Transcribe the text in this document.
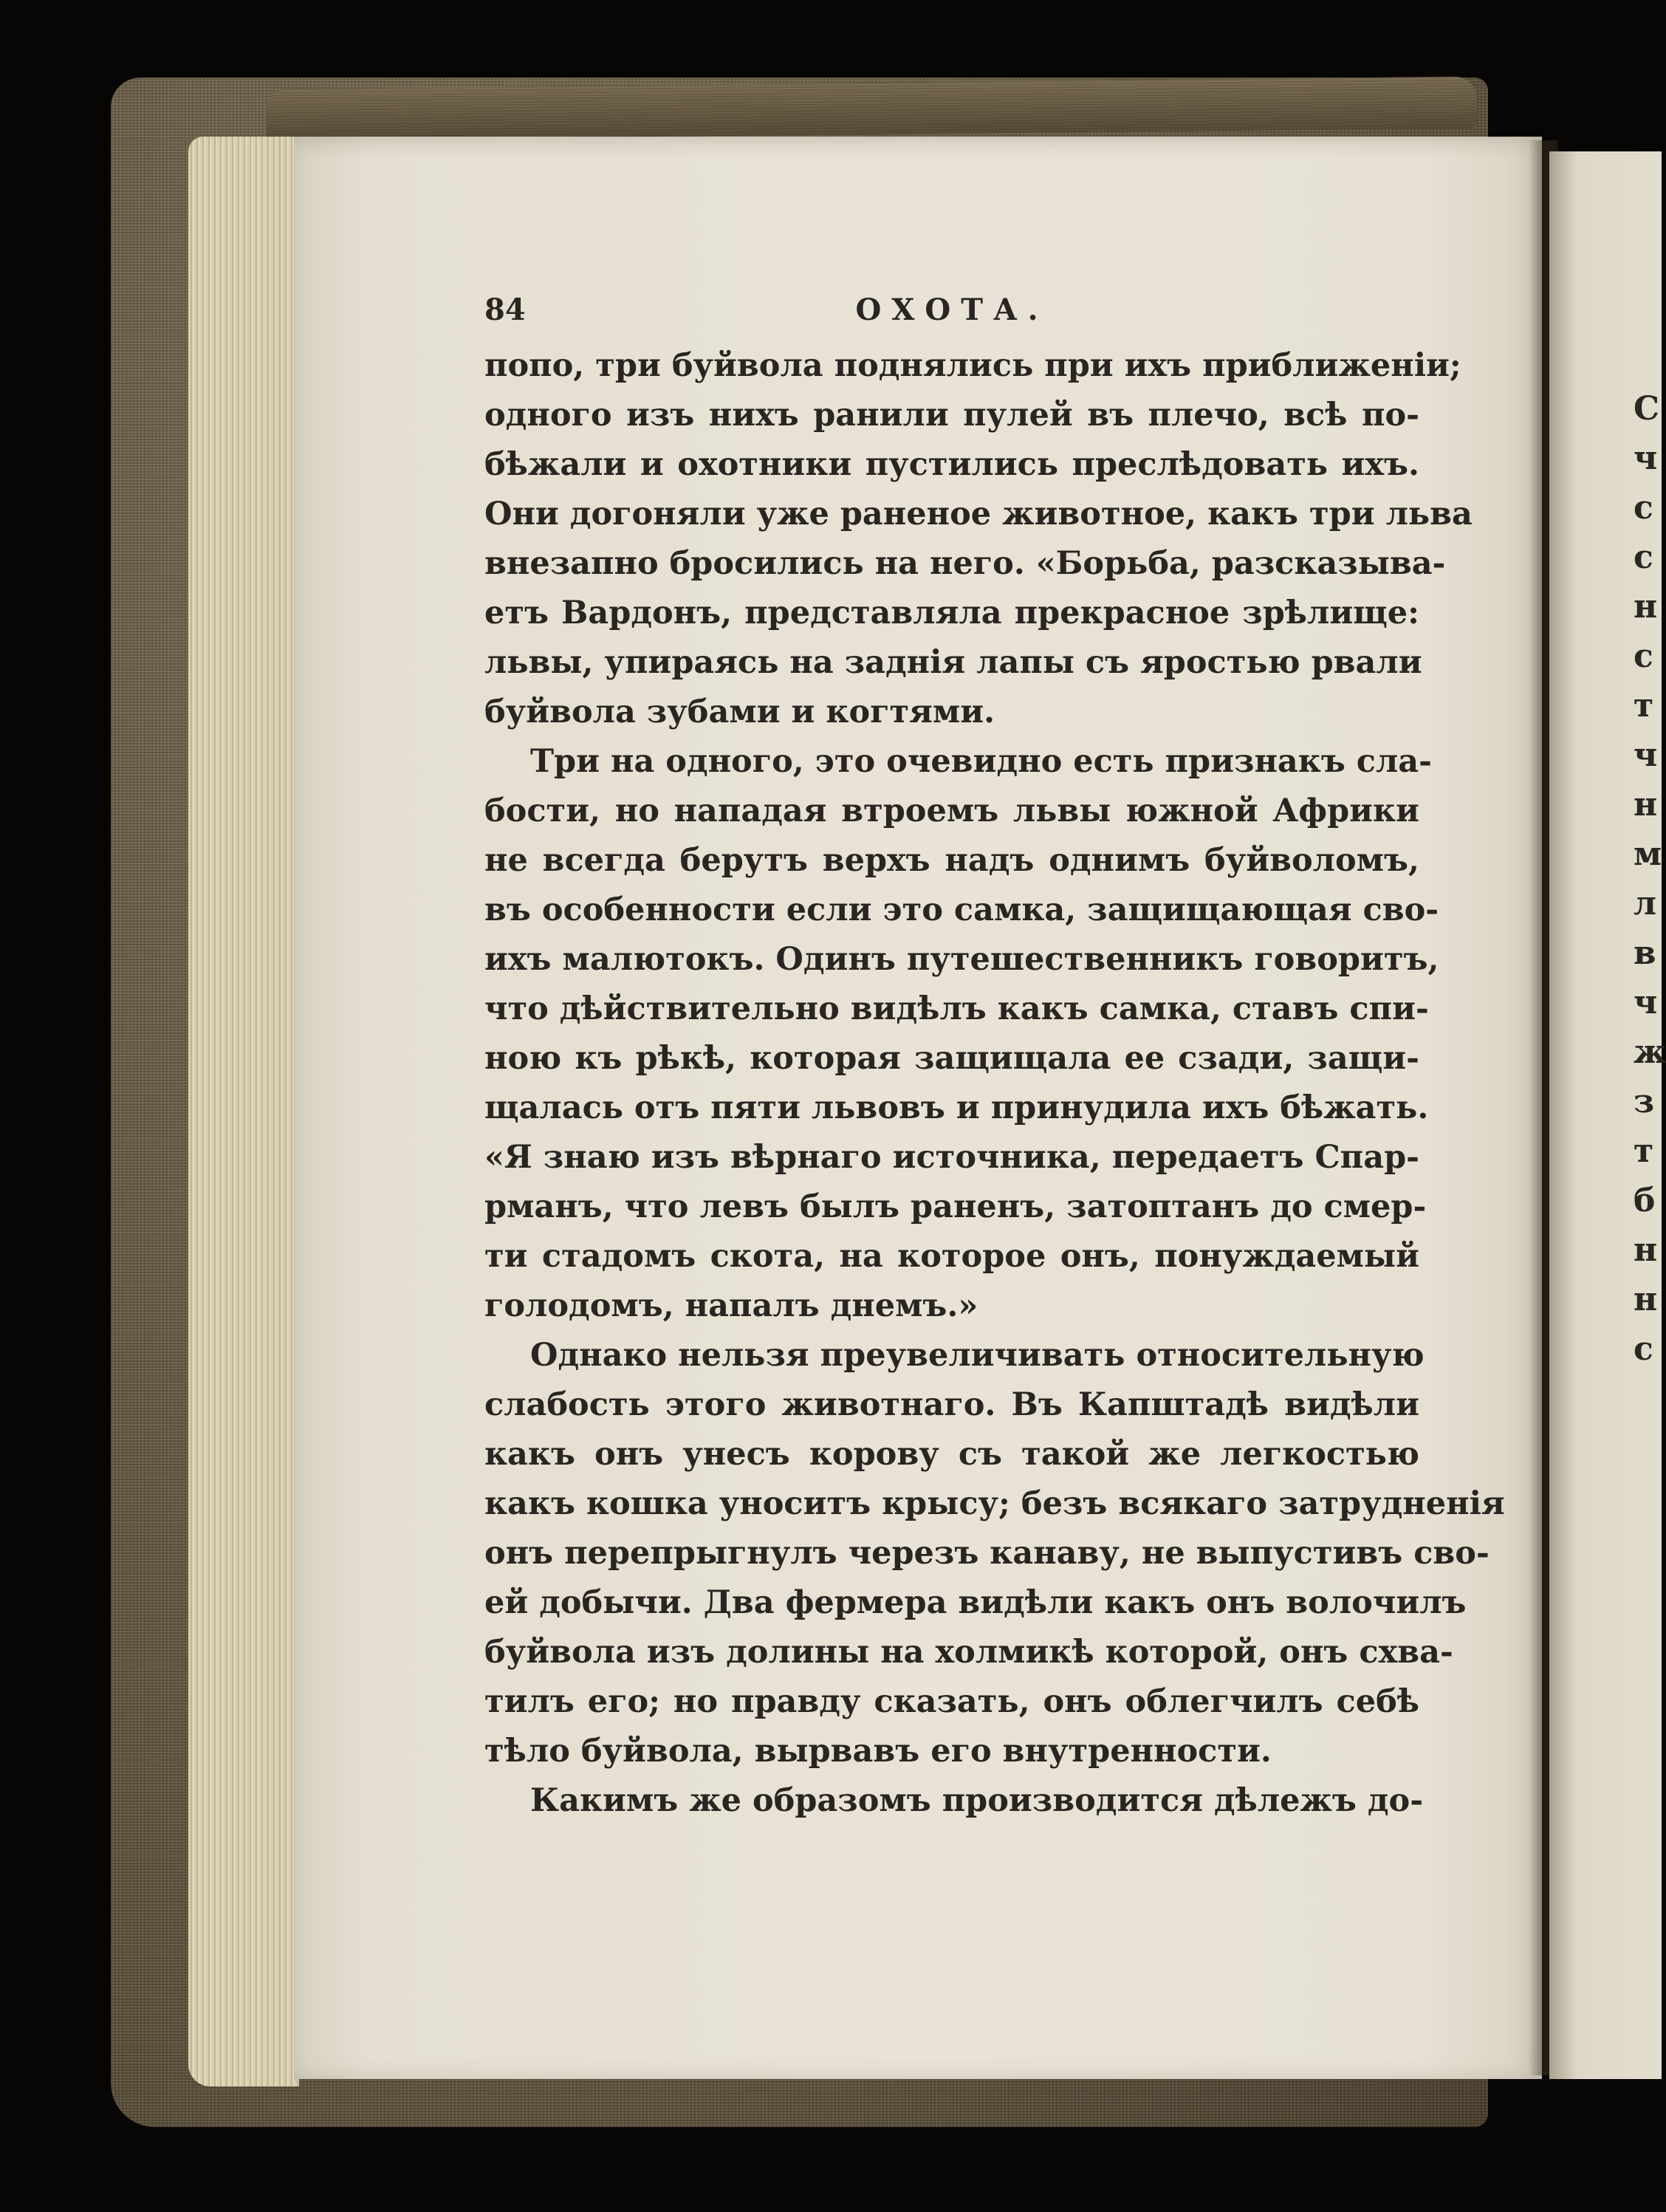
С
ч
с
с
н
с
т
ч
н
м
л
в
ч
ж
з
т
б
н
н
с
84	ОХОТА.
попо, три буйвола поднялись при ихъ приближеніи;
одного изъ нихъ ранили пулей въ плечо, всѣ по-
бѣжали и охотники пустились преслѣдовать ихъ.
Они догоняли уже раненое животное, какъ три льва
внезапно бросились на него. «Борьба, разсказыва-
етъ Вардонъ, представляла прекрасное зрѣлище:
львы, упираясь на заднія лапы съ яростью рвали
буйвола зубами и когтями.
Три на одного, это очевидно есть признакъ сла-
бости, но нападая втроемъ львы южной Африки
не всегда берутъ верхъ надъ однимъ буйволомъ,
въ особенности если это самка, защищающая сво-
ихъ малютокъ. Одинъ путешественникъ говоритъ,
что дѣйствительно видѣлъ какъ самка, ставъ спи-
ною къ рѣкѣ, которая защищала ее сзади, защи-
щалась отъ пяти львовъ и принудила ихъ бѣжать.
«Я знаю изъ вѣрнаго источника, передаетъ Спар-
рманъ, что левъ былъ раненъ, затоптанъ до смер-
ти стадомъ скота, на которое онъ, понуждаемый
голодомъ, напалъ днемъ.»
Однако нельзя преувеличивать относительную
слабость этого животнаго. Въ Капштадѣ видѣли
какъ онъ унесъ корову съ такой же легкостью
какъ кошка уноситъ крысу; безъ всякаго затрудненія
онъ перепрыгнулъ черезъ канаву, не выпустивъ сво-
ей добычи. Два фермера видѣли какъ онъ волочилъ
буйвола изъ долины на холмикѣ которой, онъ схва-
тилъ его; но правду сказать, онъ облегчилъ себѣ
тѣло буйвола, вырвавъ его внутренности.
Какимъ же образомъ производится дѣлежъ до-
